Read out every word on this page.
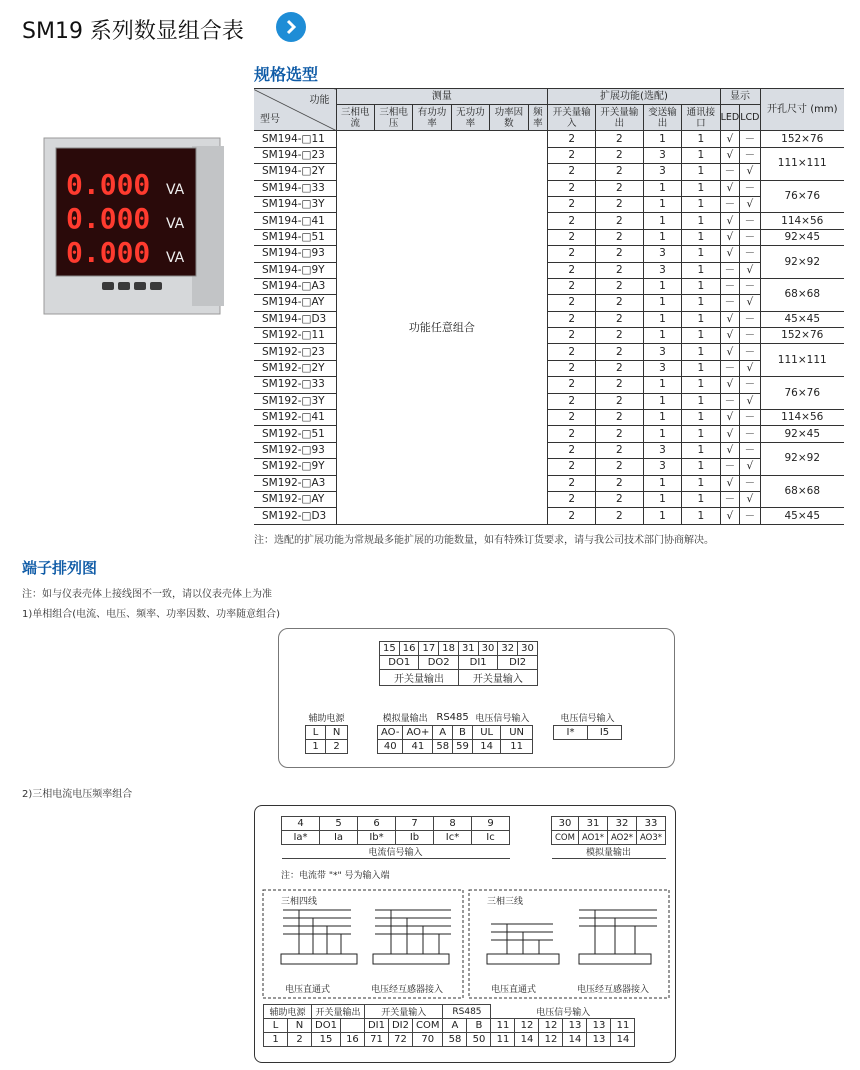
SM19 系列数显组合表
规格选型
0.000
0.000
0.000
VA
VA
VA
功能
型号	测量						扩展功能(选配)				显示		开孔尺寸 (mm)
	三相电流	三相电压	有功功率	无功功率	功率因数	频率	开关量输入	开关量输出	变送输出	通讯接口	LED	LCD	
SM194-□11	功能任意组合						2	2	1	1	√	－	152×76
SM194-□23							2	2	3	1	√	－	111×111
SM194-□2Y							2	2	3	1	－	√	
SM194-□33							2	2	1	1	√	－	76×76
SM194-□3Y							2	2	1	1	－	√	
SM194-□41							2	2	1	1	√	－	114×56
SM194-□51							2	2	1	1	√	－	92×45
SM194-□93							2	2	3	1	√	－	92×92
SM194-□9Y							2	2	3	1	－	√	
SM194-□A3							2	2	1	1	－	－	68×68
SM194-□AY							2	2	1	1	－	√	
SM194-□D3							2	2	1	1	√	－	45×45
SM192-□11							2	2	1	1	√	－	152×76
SM192-□23							2	2	3	1	√	－	111×111
SM192-□2Y							2	2	3	1	－	√	
SM192-□33							2	2	1	1	√	－	76×76
SM192-□3Y							2	2	1	1	－	√	
SM192-□41							2	2	1	1	√	－	114×56
SM192-□51							2	2	1	1	√	－	92×45
SM192-□93							2	2	3	1	√	－	92×92
SM192-□9Y							2	2	3	1	－	√	
SM192-□A3							2	2	1	1	√	－	68×68
SM192-□AY							2	2	1	1	－	√	
SM192-□D3							2	2	1	1	√	－	45×45
注：选配的扩展功能为常规最多能扩展的功能数量，如有特殊订货要求，请与我公司技术部门协商解决。
端子排列图
注：如与仪表壳体上接线图不一致，请以仪表壳体上为准
1)单相组合(电流、电压、频率、功率因数、功率随意组合)
2)三相电流电压频率组合
15	16	17	18	31	30	32	30
DO1		DO2		DI1		DI2	
开关量输出				开关量输入			
辅助电源	
L	N
1	2
模拟量输出		RS485		电压信号输入	
AO-	AO+	A	B	UL	UN
40	41	58	59	14	11
电压信号输入
I*	I5
4	5	6	7	8	9
Ia*	Ia	Ib*	Ib	Ic*	Ic
电流信号输入					
30	31	32	33
COM	AO1*	AO2*	AO3*
模拟量输出			
注：电流带 "*" 号为输入端
三相四线	三相三线
电压直通式	电压经互感器接入	电压直通式	电压经互感器接入
辅助电源		开关量输出		开关量输入			RS485		电压信号输入					
L	N	DO1		DI1	DI2	COM	A	B	11	12	12	13	13	11
1	2	15	16	71	72	70	58	50	11	14	12	14	13	14
